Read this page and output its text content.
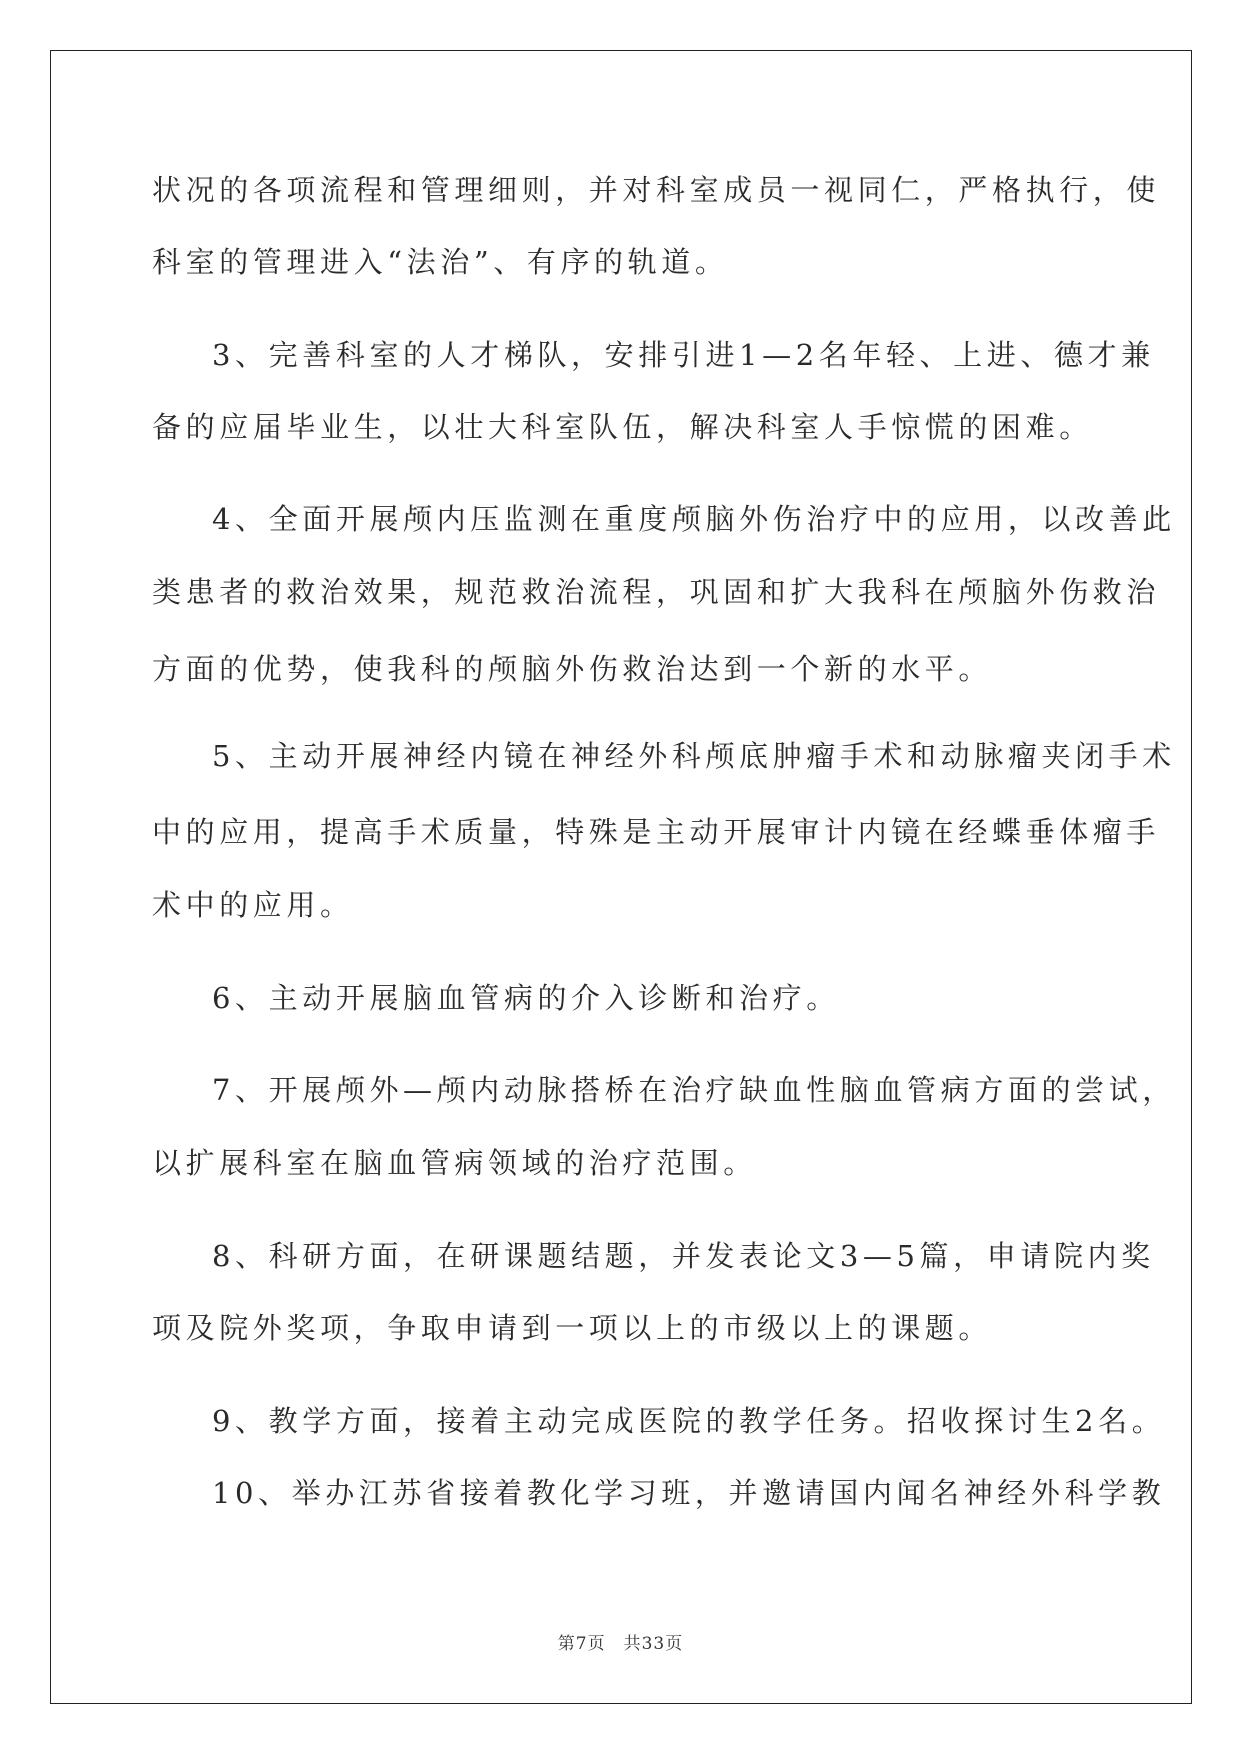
状况的各项流程和管理细则，并对科室成员一视同仁，严格执行，使
科室的管理进入“法治”、有序的轨道。
3、完善科室的人才梯队，安排引进1—2名年轻、上进、德才兼
备的应届毕业生，以壮大科室队伍，解决科室人手惊慌的困难。
4、全面开展颅内压监测在重度颅脑外伤治疗中的应用，以改善此
类患者的救治效果，规范救治流程，巩固和扩大我科在颅脑外伤救治
方面的优势，使我科的颅脑外伤救治达到一个新的水平。
5、主动开展神经内镜在神经外科颅底肿瘤手术和动脉瘤夹闭手术
中的应用，提高手术质量，特殊是主动开展审计内镜在经蝶垂体瘤手
术中的应用。
6、主动开展脑血管病的介入诊断和治疗。
7、开展颅外—颅内动脉搭桥在治疗缺血性脑血管病方面的尝试，
以扩展科室在脑血管病领域的治疗范围。
8、科研方面，在研课题结题，并发表论文3—5篇，申请院内奖
项及院外奖项，争取申请到一项以上的市级以上的课题。
9、教学方面，接着主动完成医院的教学任务。招收探讨生2名。
10、举办江苏省接着教化学习班，并邀请国内闻名神经外科学教
第7页　共33页
